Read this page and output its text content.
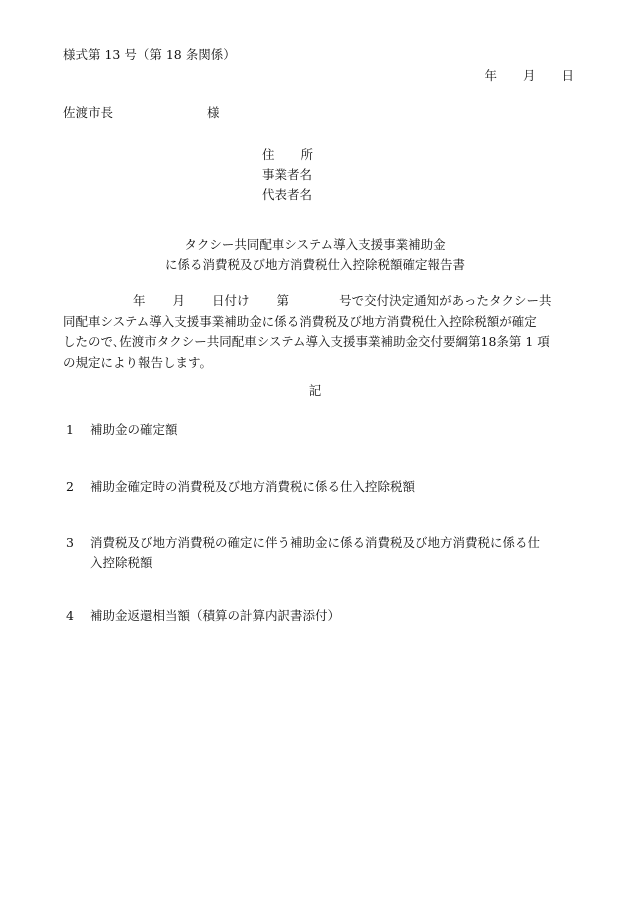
様式第 13 号（第 18 条関係）
年 月 日
佐渡市長	様
住 所
事業者名
代表者名
タクシー共同配車システム導入支援事業補助金
に係る消費税及び地方消費税仕入控除税額確定報告書
年 月 日付け 第	号で交付決定通知があったタクシー共
同配車システム導入支援事業補助金に係る消費税及び地方消費税仕入控除税額が確定
したので､佐渡市タクシー共同配車システム導入支援事業補助金交付要綱第18条第 1 項
の規定により報告します。
記
1 補助金の確定額
2 補助金確定時の消費税及び地方消費税に係る仕入控除税額
3 消費税及び地方消費税の確定に伴う補助金に係る消費税及び地方消費税に係る仕
入控除税額
4 補助金返還相当額（積算の計算内訳書添付）
